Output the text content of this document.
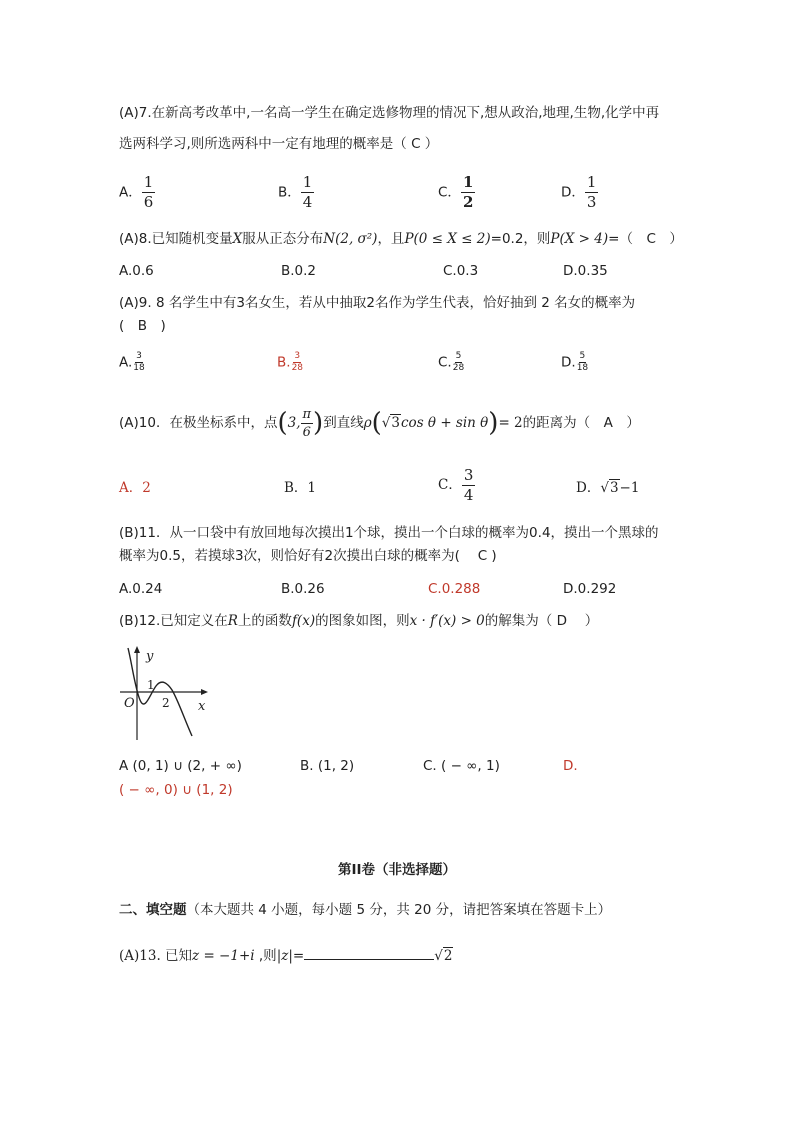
(A)7.在新高考改革中,一名高一学生在确定选修物理的情况下,想从政治,地理,生物,化学中再
选两科学习,则所选两科中一定有地理的概率是（ C ）
A． $\frac{1}{6}$	B． $\frac{1}{4}$	C． $\frac{1}{2}$	D． $\frac{1}{3}$
(A)8.已知随机变量X服从正态分布N(2, σ²)，且P(0 ≤ X ≤ 2)=0.2，则P(X > 4)=（　C　）
A.0.6	B.0.2	C.0.3	D.0.35
(A)9. 8 名学生中有3名女生，若从中抽取2名作为学生代表，恰好抽到 2 名女的概率为
(　B　)
A. $\frac{3}{18}$	B. $\frac{3}{28}$	C. $\frac{5}{28}$	D. $\frac{5}{18}$
(A)10．在极坐标系中，点 ( 3, $\frac{\pi}{6}$ ) 到直线 ρ ( √3 cos θ + sin θ ) = 2 的距离为（　A　）
A．2	B．1	C． $\frac{3}{4}$	D．√3−1
(B)11．从一口袋中有放回地每次摸出1个球，摸出一个白球的概率为0.4，摸出一个黑球的
概率为0.5，若摸球3次，则恰好有2次摸出白球的概率为(　 C )
A.0.24	B.0.26	C.0.288	D.0.292
(B)12.已知定义在R上的函数f(x)的图象如图，则x · f′(x) > 0的解集为（ D　 ）
y
x
O
1
2
A (0, 1) ∪ (2, + ∞)	B. (1, 2)	C. ( − ∞, 1)	D.
( − ∞, 0) ∪ (1, 2)
第II卷（非选择题）
二、填空题（本大题共 4 小题，每小题 5 分，共 20 分，请把答案填在答题卡上）
(A)13. 已知z = −1+i ,则|z|=	√2
